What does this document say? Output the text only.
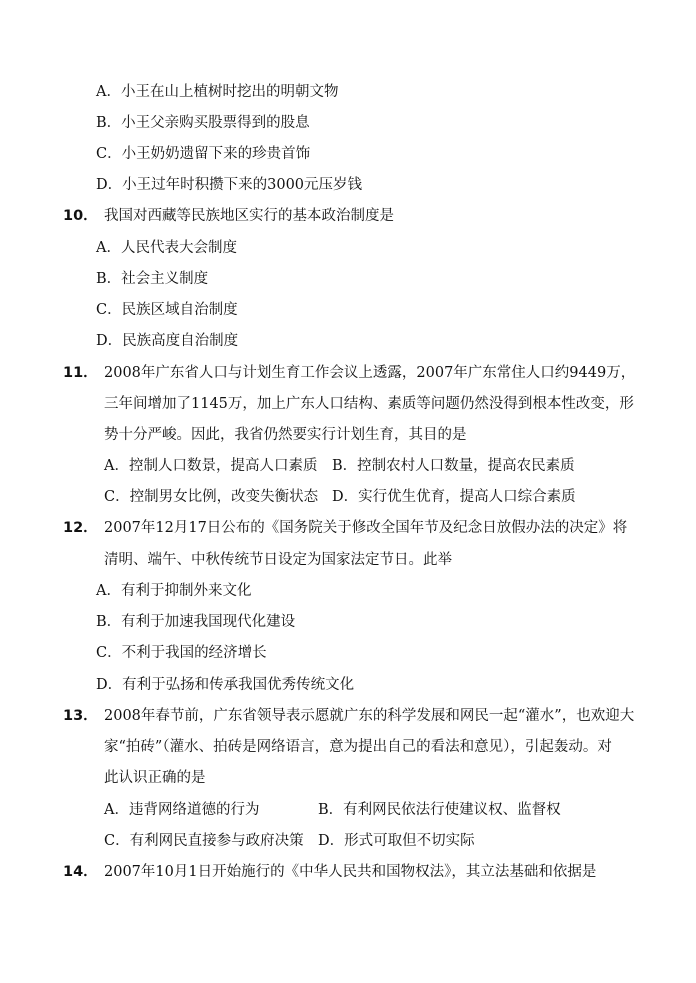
A．小王在山上植树时挖出的明朝文物
B．小王父亲购买股票得到的股息
C．小王奶奶遗留下来的珍贵首饰
D．小王过年时积攒下来的3000元压岁钱
10． 我国对西藏等民族地区实行的基本政治制度是
A．人民代表大会制度
B．社会主义制度
C．民族区域自治制度
D．民族高度自治制度
11． 2008年广东省人口与计划生育工作会议上透露，2007年广东常住人口约9449万，
三年间增加了1145万，加上广东人口结构、素质等问题仍然没得到根本性改变，形
势十分严峻。因此，我省仍然要实行计划生育，其目的是
A．控制人口数景，提高人口素质 B．控制农村人口数量，提高农民素质
C．控制男女比例，改变失衡状态 D．实行优生优育，提高人口综合素质
12． 2007年12月17日公布的《国务院关于修改全国年节及纪念日放假办法的决定》将
清明、端午、中秋传统节日设定为国家法定节日。此举
A．有利于抑制外来文化
B．有利于加速我国现代化建设
C．不利于我国的经济增长
D．有利于弘扬和传承我国优秀传统文化
13． 2008年春节前，广东省领导表示愿就广东的科学发展和网民一起“灌水”，也欢迎大
家“拍砖”（灌水、拍砖是网络语言，意为提出自己的看法和意见），引起轰动。对
此认识正确的是
A．违背网络道德的行为	B．有利网民依法行使建议权、监督权
C．有利网民直接参与政府决策 D．形式可取但不切实际
14． 2007年10月1日开始施行的《中华人民共和国物权法》，其立法基础和依据是
